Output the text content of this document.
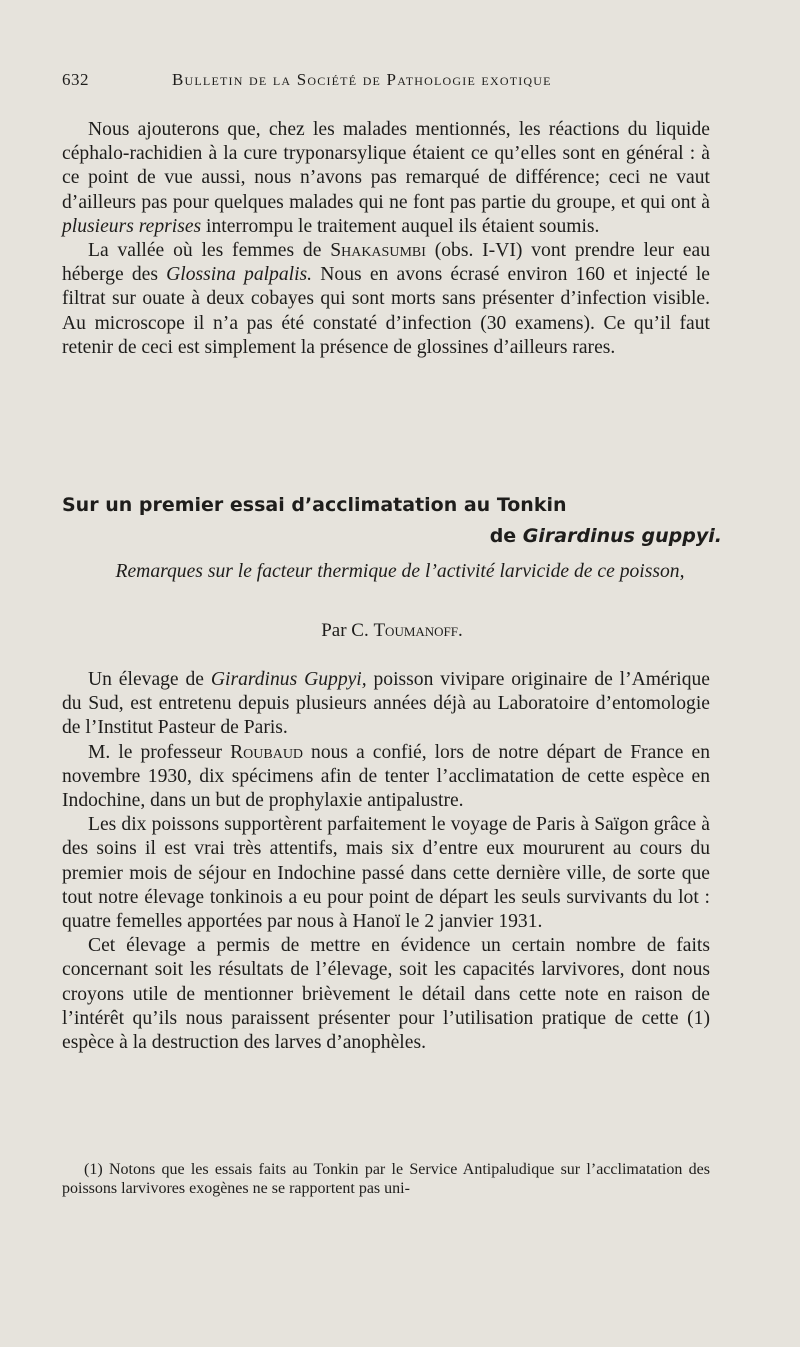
632	Bulletin de la Société de Pathologie exotique

Nous ajouterons que, chez les malades mentionnés, les réactions du liquide céphalo-rachidien à la cure tryponarsylique étaient ce qu’elles sont en général : à ce point de vue aussi, nous n’avons pas remarqué de différence; ceci ne vaut d’ailleurs pas pour quelques malades qui ne font pas partie du groupe, et qui ont à plusieurs reprises interrompu le traitement auquel ils étaient soumis.

La vallée où les femmes de Shakasumbi (obs. I-VI) vont prendre leur eau héberge des Glossina palpalis. Nous en avons écrasé environ 160 et injecté le filtrat sur ouate à deux cobayes qui sont morts sans présenter d’infection visible. Au microscope il n’a pas été constaté d’infection (30 examens). Ce qu’il faut retenir de ceci est simplement la présence de glossines d’ailleurs rares.

Sur un premier essai d’acclimatation au Tonkin
de Girardinus guppyi.
Remarques sur le facteur thermique de l’activité larvicide de ce poisson,
Par C. Toumanoff.

Un élevage de Girardinus Guppyi, poisson vivipare originaire de l’Amérique du Sud, est entretenu depuis plusieurs années déjà au Laboratoire d’entomologie de l’Institut Pasteur de Paris.

M. le professeur Roubaud nous a confié, lors de notre départ de France en novembre 1930, dix spécimens afin de tenter l’acclimatation de cette espèce en Indochine, dans un but de prophylaxie antipalustre.

Les dix poissons supportèrent parfaitement le voyage de Paris à Saïgon grâce à des soins il est vrai très attentifs, mais six d’entre eux moururent au cours du premier mois de séjour en Indochine passé dans cette dernière ville, de sorte que tout notre élevage tonkinois a eu pour point de départ les seuls survivants du lot : quatre femelles apportées par nous à Hanoï le 2 janvier 1931.

Cet élevage a permis de mettre en évidence un certain nombre de faits concernant soit les résultats de l’élevage, soit les capacités larvivores, dont nous croyons utile de mentionner brièvement le détail dans cette note en raison de l’intérêt qu’ils nous paraissent présenter pour l’utilisation pratique de cette (1) espèce à la destruction des larves d’anophèles.

(1) Notons que les essais faits au Tonkin par le Service Antipaludique sur l’acclimatation des poissons larvivores exogènes ne se rapportent pas uni-
